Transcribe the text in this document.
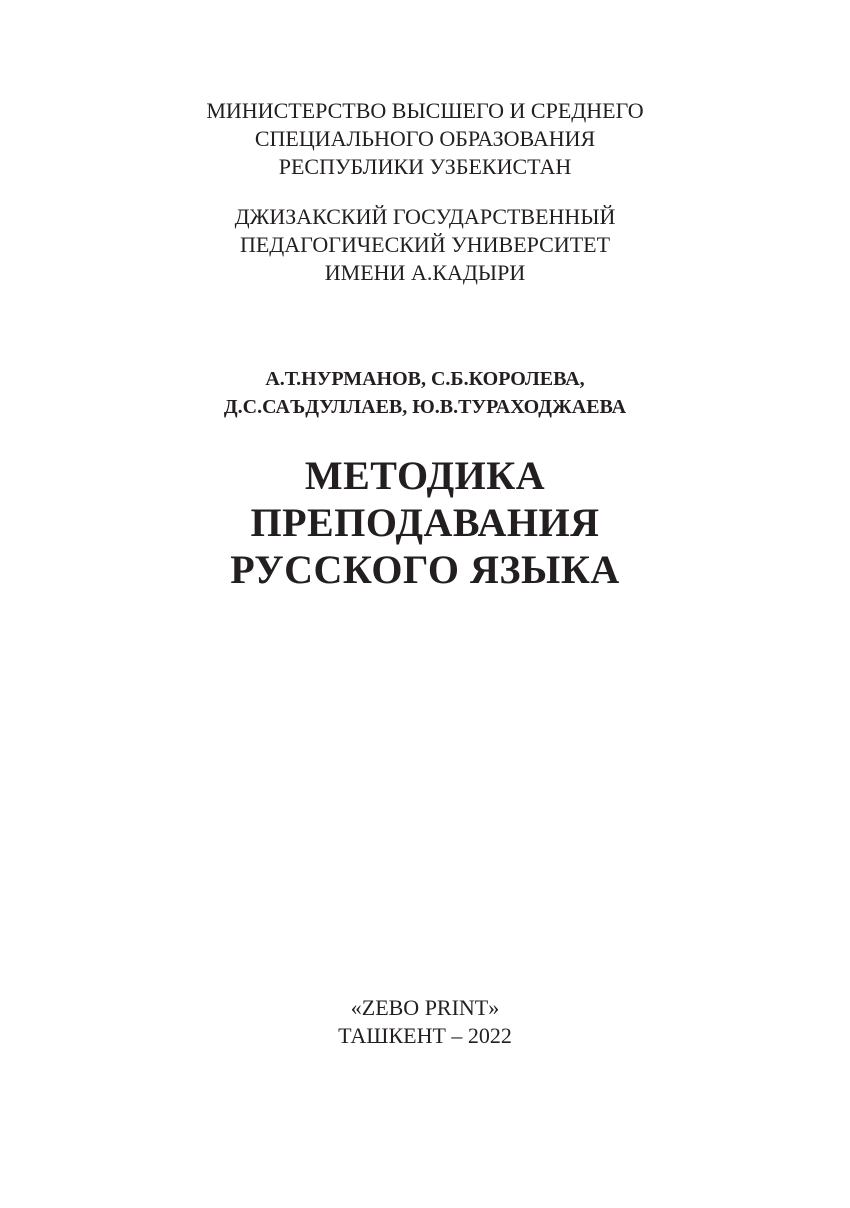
МИНИСТЕРСТВО ВЫСШЕГО И СРЕДНЕГО
СПЕЦИАЛЬНОГО ОБРАЗОВАНИЯ
РЕСПУБЛИКИ УЗБЕКИСТАН
ДЖИЗАКСКИЙ ГОСУДАРСТВЕННЫЙ
ПЕДАГОГИЧЕСКИЙ УНИВЕРСИТЕТ
ИМЕНИ А.КАДЫРИ
А.Т.НУРМАНОВ, С.Б.КОРОЛЕВА,
Д.С.САЪДУЛЛАЕВ, Ю.В.ТУРАХОДЖАЕВА
МЕТОДИКА
ПРЕПОДАВАНИЯ
РУССКОГО ЯЗЫКА
«ZEBO PRINT»
ТАШКЕНТ – 2022
